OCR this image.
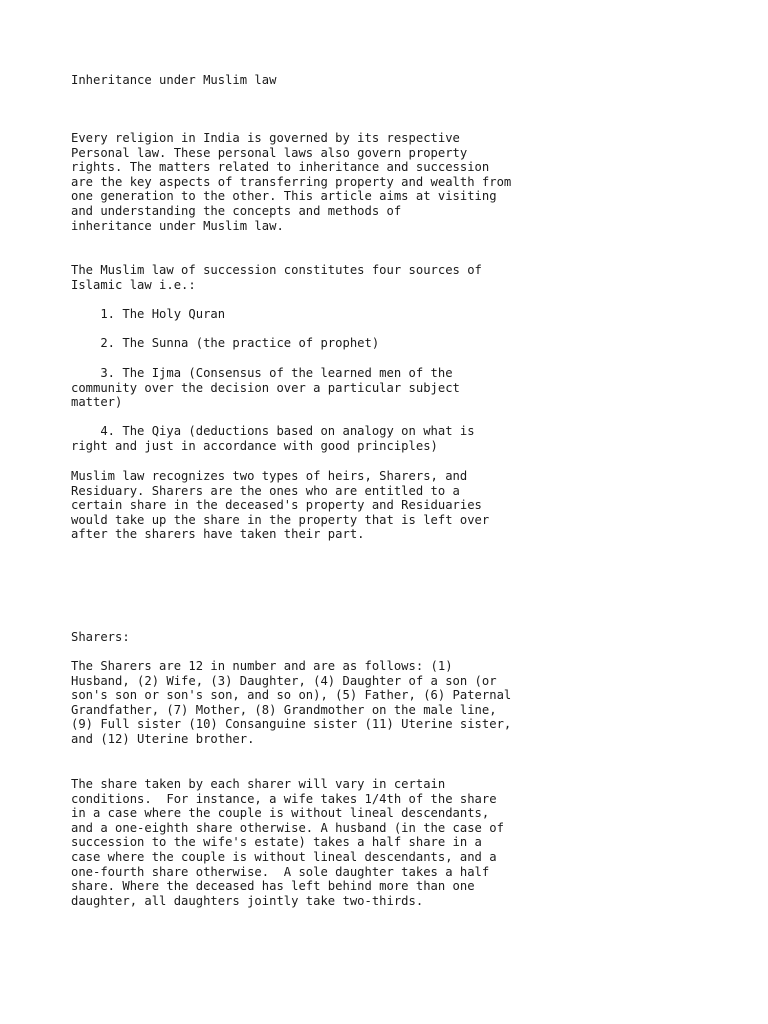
Inheritance under Muslim law

Every religion in India is governed by its respective
Personal law. These personal laws also govern property
rights. The matters related to inheritance and succession
are the key aspects of transferring property and wealth from
one generation to the other. This article aims at visiting
and understanding the concepts and methods of
inheritance under Muslim law.

The Muslim law of succession constitutes four sources of
Islamic law i.e.:

1. The Holy Quran

2. The Sunna (the practice of prophet)

3. The Ijma (Consensus of the learned men of the
community over the decision over a particular subject
matter)

4. The Qiya (deductions based on analogy on what is
right and just in accordance with good principles)

Muslim law recognizes two types of heirs, Sharers, and
Residuary. Sharers are the ones who are entitled to a
certain share in the deceased's property and Residuaries
would take up the share in the property that is left over
after the sharers have taken their part.

Sharers:

The Sharers are 12 in number and are as follows: (1)
Husband, (2) Wife, (3) Daughter, (4) Daughter of a son (or
son's son or son's son, and so on), (5) Father, (6) Paternal
Grandfather, (7) Mother, (8) Grandmother on the male line,
(9) Full sister (10) Consanguine sister (11) Uterine sister,
and (12) Uterine brother.

The share taken by each sharer will vary in certain
conditions.  For instance, a wife takes 1/4th of the share
in a case where the couple is without lineal descendants,
and a one-eighth share otherwise. A husband (in the case of
succession to the wife's estate) takes a half share in a
case where the couple is without lineal descendants, and a
one-fourth share otherwise.  A sole daughter takes a half
share. Where the deceased has left behind more than one
daughter, all daughters jointly take two-thirds.
